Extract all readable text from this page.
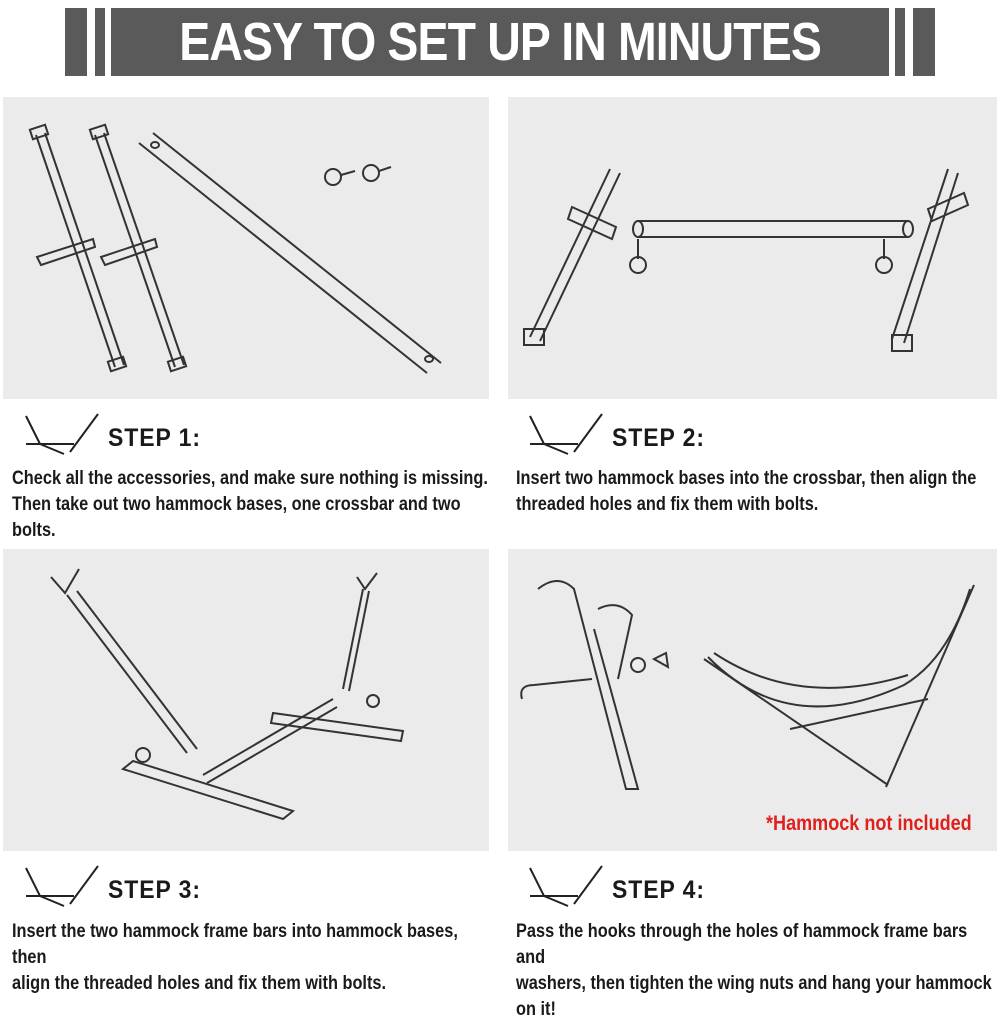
EASY TO SET UP IN MINUTES
STEP 1:
Check all the accessories, and make sure nothing is missing.
Then take out two hammock bases, one crossbar and two bolts.
STEP 2:
Insert two hammock bases into the crossbar, then align the
threaded holes and fix them with bolts.
*Hammock not included
STEP 3:
Insert the two hammock frame bars into hammock bases, then
align the threaded holes and fix them with bolts.
STEP 4:
Pass the hooks through the holes of hammock frame bars and
washers, then tighten the wing nuts and hang your hammock
on it!
